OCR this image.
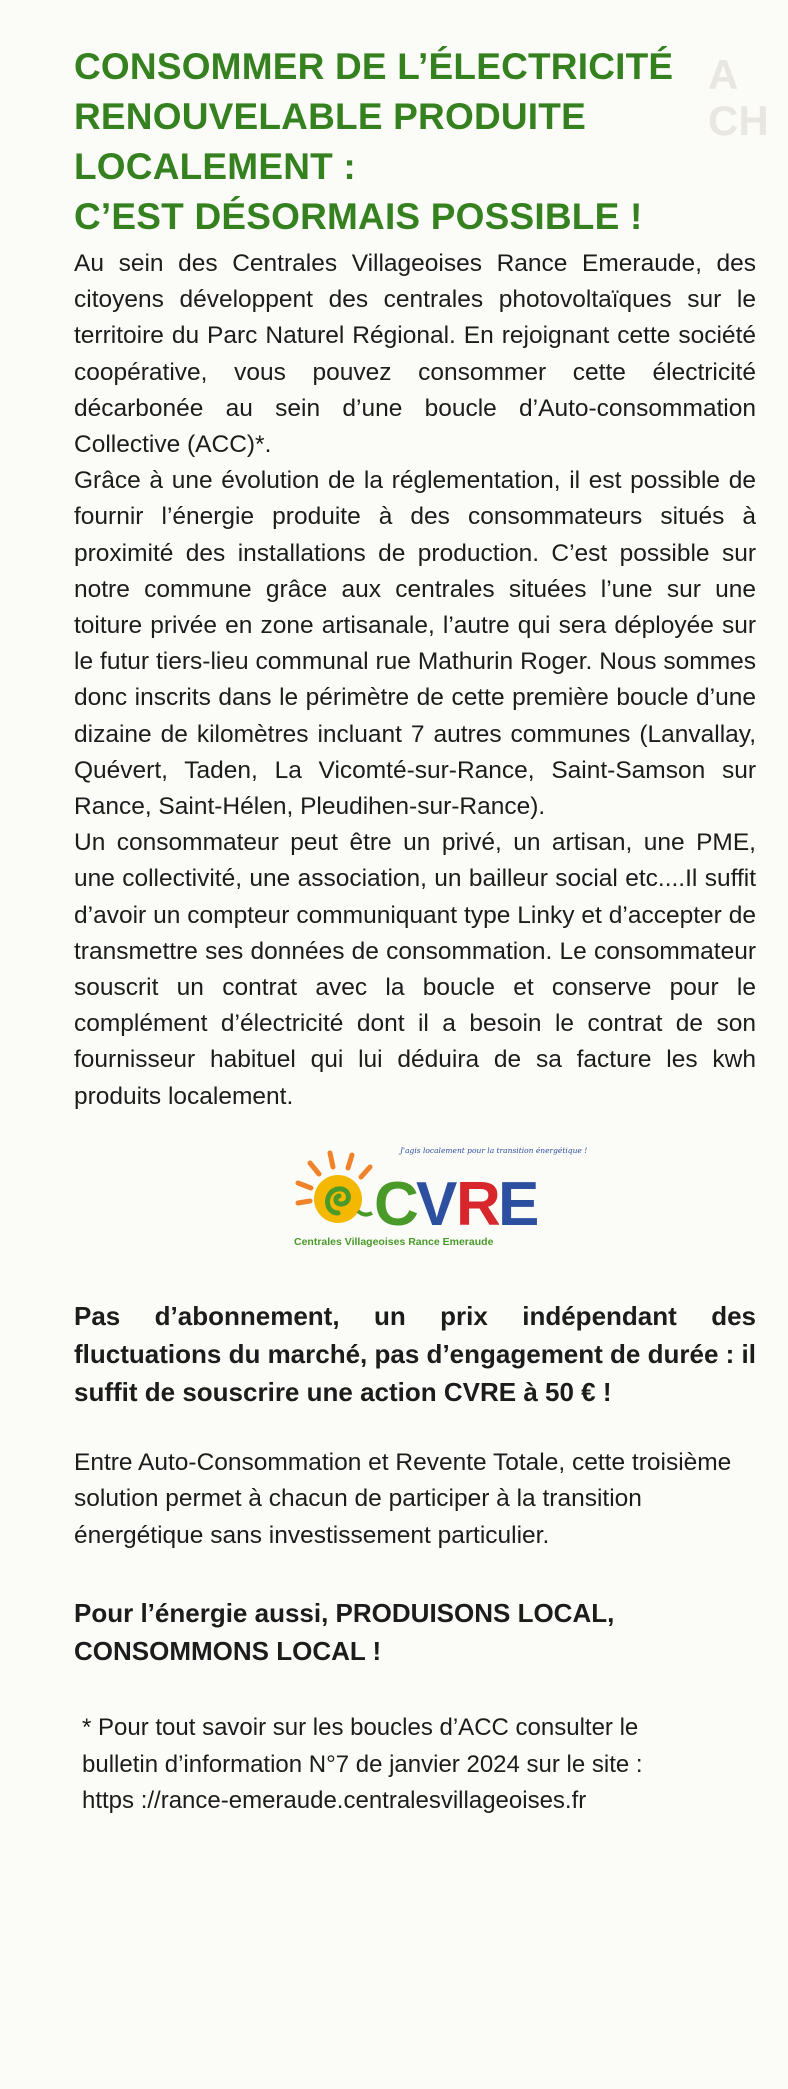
A
CH
CONSOMMER DE L’ÉLECTRICITÉ
RENOUVELABLE PRODUITE
LOCALEMENT :
C’EST DÉSORMAIS POSSIBLE !

Au sein des Centrales Villageoises Rance Emeraude, des citoyens développent des centrales photovoltaïques sur le territoire du Parc Naturel Régional. En rejoignant cette société coopérative, vous pouvez consommer cette électricité décarbonée au sein d’une boucle d’Auto-consommation Collective (ACC)*.

Grâce à une évolution de la réglementation, il est possible de fournir l’énergie produite à des consommateurs situés à proximité des installations de production. C’est possible sur notre commune grâce aux centrales situées l’une sur une toiture privée en zone artisanale, l’autre qui sera déployée sur le futur tiers-lieu communal rue Mathurin Roger. Nous sommes donc inscrits dans le périmètre de cette première boucle d’une dizaine de kilomètres incluant 7 autres communes (Lanvallay, Quévert, Taden, La Vicomté-sur-Rance, Saint-Samson sur Rance, Saint-Hélen, Pleudihen-sur-Rance).

Un consommateur peut être un privé, un artisan, une PME, une collectivité, une association, un bailleur social etc....Il suffit d’avoir un compteur communiquant type Linky et d’accepter de transmettre ses données de consommation. Le consommateur souscrit un contrat avec la boucle et conserve pour le complément d’électricité dont il a besoin le contrat de son fournisseur habituel qui lui déduira de sa facture les kwh produits localement.

J'agis localement pour la transition énergétique !
C
V
R
E
Centrales Villageoises Rance Emeraude

Pas d’abonnement, un prix indépendant des fluctuations du marché, pas d’engagement de durée : il suffit de souscrire une action CVRE à 50 € !

Entre Auto-Consommation et Revente Totale, cette troisième solution permet à chacun de participer à la transition énergétique sans investissement particulier.

Pour l’énergie aussi, PRODUISONS LOCAL,

CONSOMMONS LOCAL !

* Pour tout savoir sur les boucles d’ACC consulter le

bulletin d’information N°7 de janvier 2024 sur le site :

https ://rance-emeraude.centralesvillageoises.fr
